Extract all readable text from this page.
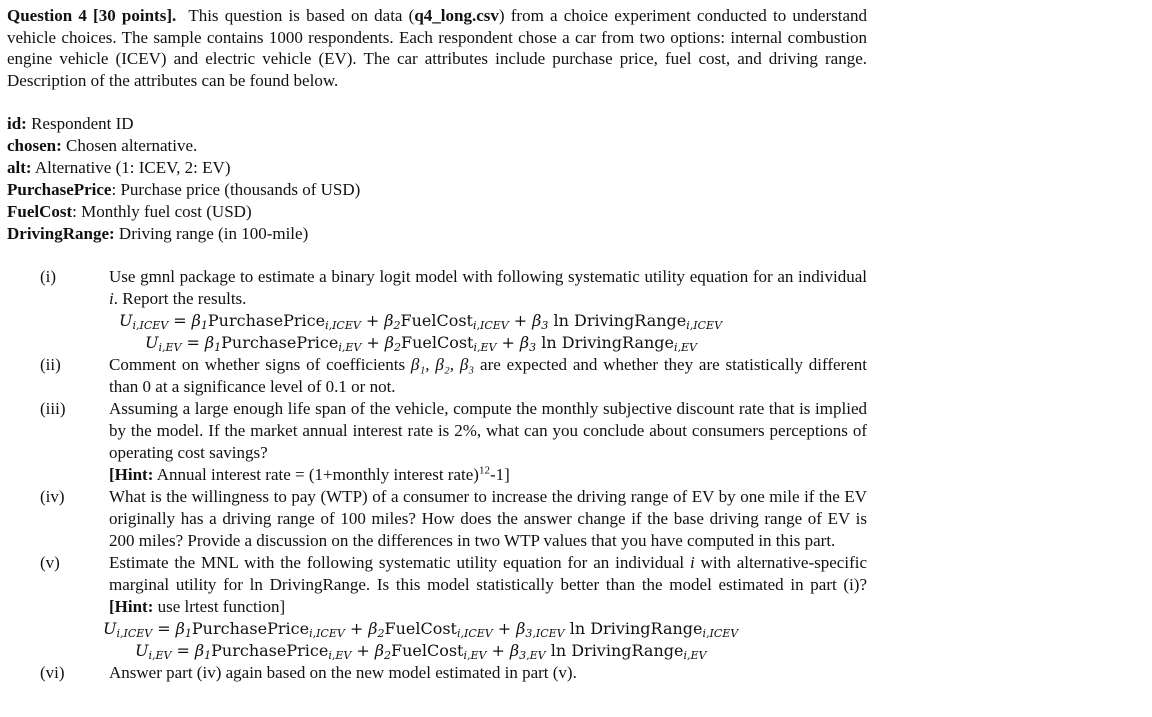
Question 4 [30 points]. This question is based on data (q4_long.csv) from a choice experiment conducted to understand vehicle choices. The sample contains 1000 respondents. Each respondent chose a car from two options: internal combustion engine vehicle (ICEV) and electric vehicle (EV). The car attributes include purchase price, fuel cost, and driving range. Description of the attributes can be found below.

id: Respondent ID
chosen: Chosen alternative.
alt: Alternative (1: ICEV, 2: EV)
PurchasePrice: Purchase price (thousands of USD)
FuelCost: Monthly fuel cost (USD)
DrivingRange: Driving range (in 100-mile)
(i)	Use gmnl package to estimate a binary logit model with following systematic utility equation for an individual i. Report the results.
$U_{i,ICEV}$ = $\beta_1PurchasePrice_{i,ICEV}$ + $\beta_2FuelCost_{i,ICEV} + \beta_3$ ln DrivingRange$_{i,ICEV}$
$U_{i,EV}$ = $\beta_1PurchasePrice_{i,EV}$ + $\beta_2FuelCost_{i,EV} + \beta_3$ ln DrivingRange$_{i,EV}$
(ii)	Comment on whether signs of coefficients β₁, β₂, β₃ are expected and whether they are statistically different than 0 at a significance level of 0.1 or not.
(iii)	Assuming a large enough life span of the vehicle, compute the monthly subjective discount rate that is implied by the model. If the market annual interest rate is 2%, what can you conclude about consumers perceptions of operating cost savings?
[Hint: Annual interest rate = (1+monthly interest rate)$^{12}$-1]
(iv)	What is the willingness to pay (WTP) of a consumer to increase the driving range of EV by one mile if the EV originally has a driving range of 100 miles? How does the answer change if the base driving range of EV is 200 miles? Provide a discussion on the differences in two WTP values that you have computed in this part.
(v)	Estimate the MNL with the following systematic utility equation for an individual i with alternative-specific marginal utility for ln DrivingRange. Is this model statistically better than the model estimated in part (i)? [Hint: use lrtest function]
$U_{i,ICEV}$ = $\beta_1PurchasePrice_{i,ICEV}$ + $\beta_2FuelCost_{i,ICEV} + \beta_{3,ICEV}$ ln DrivingRange$_{i,ICEV}$
$U_{i,EV}$ = $\beta_1PurchasePrice_{i,EV}$ + $\beta_2FuelCost_{i,EV} + \beta_{3,EV}$ ln DrivingRange$_{i,EV}$
(vi)	Answer part (iv) again based on the new model estimated in part (v).
